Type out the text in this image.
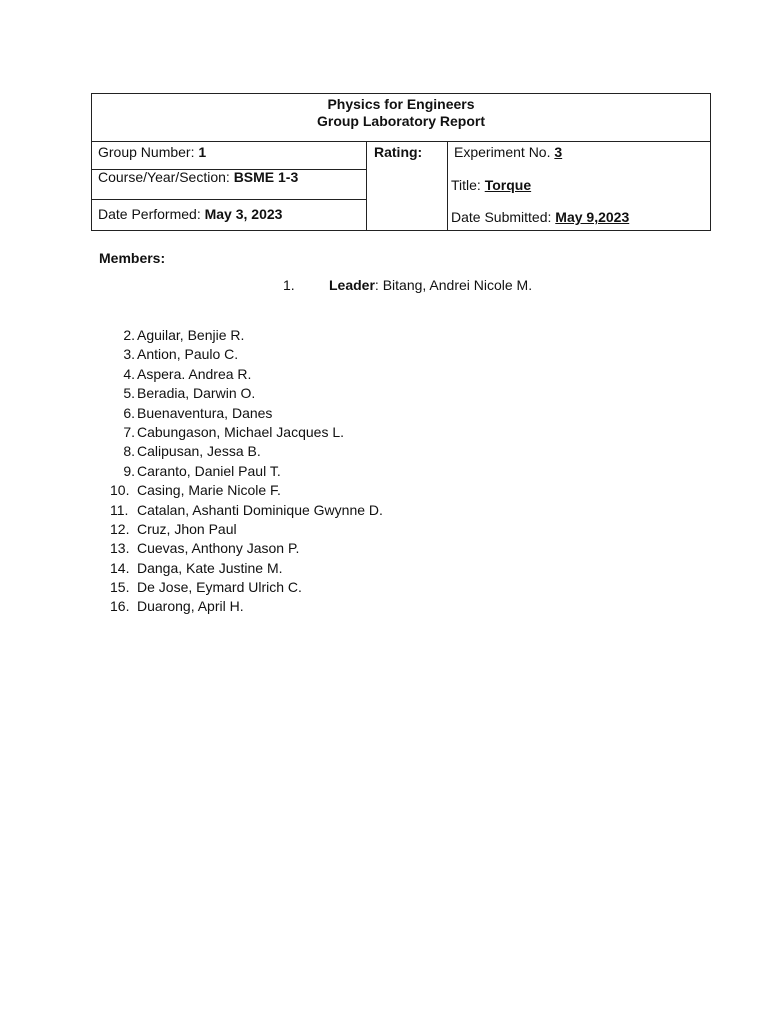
Physics for Engineers
Group Laboratory Report
Group Number: 1
Course/Year/Section: BSME 1-3
Date Performed: May 3, 2023
Rating: Experiment No. 3
Title: Torque
Date Submitted: May 9,2023
Members:
1. Leader: Bitang, Andrei Nicole M.
2. Aguilar, Benjie R.
3. Antion, Paulo C.
4. Aspera. Andrea R.
5. Beradia, Darwin O.
6. Buenaventura, Danes
7. Cabungason, Michael Jacques L.
8. Calipusan, Jessa B.
9. Caranto, Daniel Paul T.
10. Casing, Marie Nicole F.
11. Catalan, Ashanti Dominique Gwynne D.
12. Cruz, Jhon Paul
13. Cuevas, Anthony Jason P.
14. Danga, Kate Justine M.
15. De Jose, Eymard Ulrich C.
16. Duarong, April H.
